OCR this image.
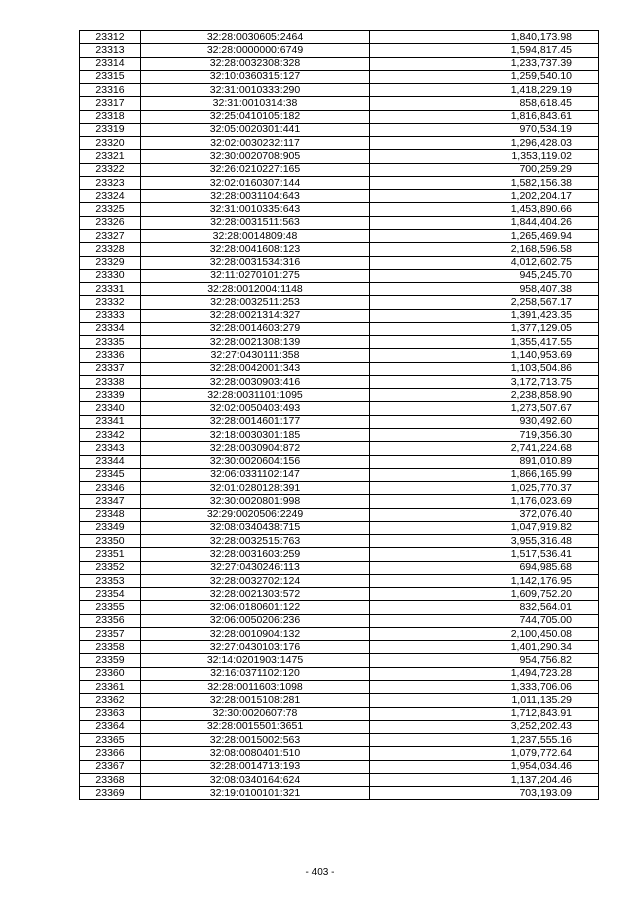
23312	32:28:0030605:2464	1,840,173.98
23313	32:28:0000000:6749	1,594,817.45
23314	32:28:0032308:328	1,233,737.39
23315	32:10:0360315:127	1,259,540.10
23316	32:31:0010333:290	1,418,229.19
23317	32:31:0010314:38	858,618.45
23318	32:25:0410105:182	1,816,843.61
23319	32:05:0020301:441	970,534.19
23320	32:02:0030232:117	1,296,428.03
23321	32:30:0020708:905	1,353,119.02
23322	32:26:0210227:165	700,259.29
23323	32:02:0160307:144	1,582,156.38
23324	32:28:0031104:643	1,202,204.17
23325	32:31:0010335:643	1,453,890.66
23326	32:28:0031511:563	1,844,404.26
23327	32:28:0014809:48	1,265,469.94
23328	32:28:0041608:123	2,168,596.58
23329	32:28:0031534:316	4,012,602.75
23330	32:11:0270101:275	945,245.70
23331	32:28:0012004:1148	958,407.38
23332	32:28:0032511:253	2,258,567.17
23333	32:28:0021314:327	1,391,423.35
23334	32:28:0014603:279	1,377,129.05
23335	32:28:0021308:139	1,355,417.55
23336	32:27:0430111:358	1,140,953.69
23337	32:28:0042001:343	1,103,504.86
23338	32:28:0030903:416	3,172,713.75
23339	32:28:0031101:1095	2,238,858.90
23340	32:02:0050403:493	1,273,507.67
23341	32:28:0014601:177	930,492.60
23342	32:18:0030301:185	719,356.30
23343	32:28:0030904:872	2,741,224.68
23344	32:30:0020604:156	891,010.89
23345	32:06:0331102:147	1,866,165.99
23346	32:01:0280128:391	1,025,770.37
23347	32:30:0020801:998	1,176,023.69
23348	32:29:0020506:2249	372,076.40
23349	32:08:0340438:715	1,047,919.82
23350	32:28:0032515:763	3,955,316.48
23351	32:28:0031603:259	1,517,536.41
23352	32:27:0430246:113	694,985.68
23353	32:28:0032702:124	1,142,176.95
23354	32:28:0021303:572	1,609,752.20
23355	32:06:0180601:122	832,564.01
23356	32:06:0050206:236	744,705.00
23357	32:28:0010904:132	2,100,450.08
23358	32:27:0430103:176	1,401,290.34
23359	32:14:0201903:1475	954,756.82
23360	32:16:0371102:120	1,494,723.28
23361	32:28:0011603:1098	1,333,706.06
23362	32:28:0015108:281	1,011,135.29
23363	32:30:0020607:78	1,712,843.91
23364	32:28:0015501:3651	3,252,202.43
23365	32:28:0015002:563	1,237,555.16
23366	32:08:0080401:510	1,079,772.64
23367	32:28:0014713:193	1,954,034.46
23368	32:08:0340164:624	1,137,204.46
23369	32:19:0100101:321	703,193.09
- 403 -
